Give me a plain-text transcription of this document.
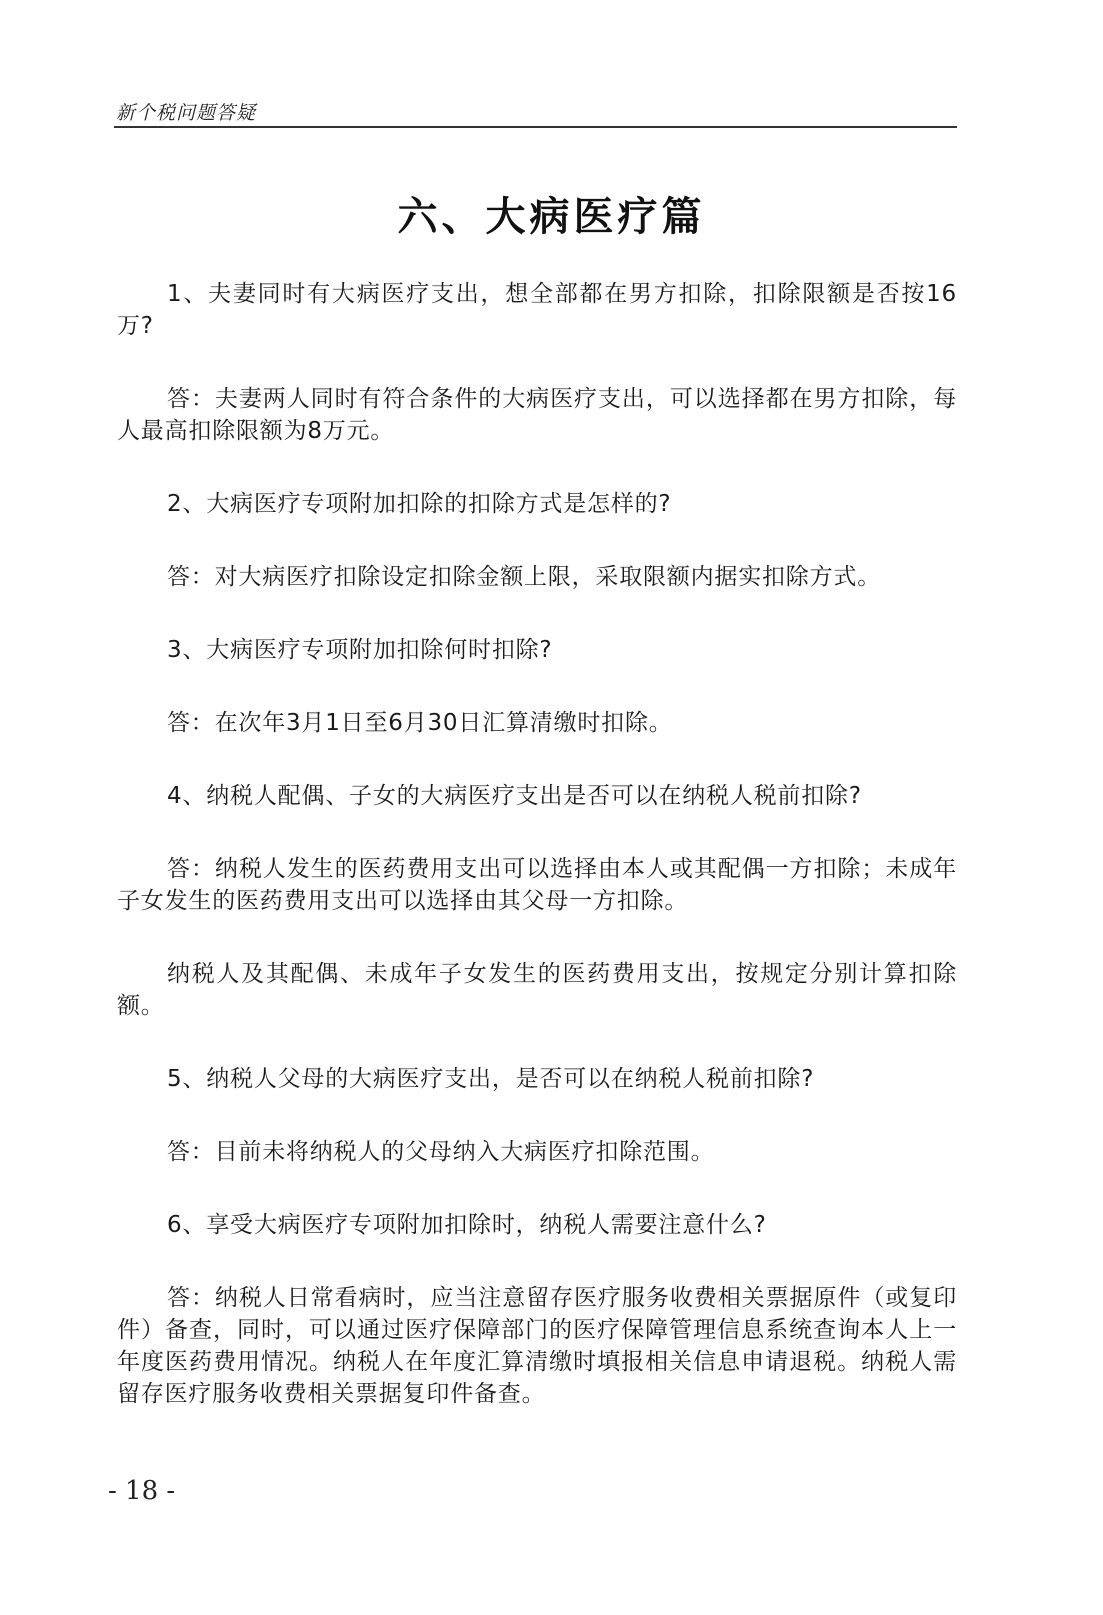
新个税问题答疑
六、大病医疗篇

1、夫妻同时有大病医疗支出，想全部都在男方扣除，扣除限额是否按16万?

答：夫妻两人同时有符合条件的大病医疗支出，可以选择都在男方扣除，每人最高扣除限额为8万元。

2、大病医疗专项附加扣除的扣除方式是怎样的?

答：对大病医疗扣除设定扣除金额上限，采取限额内据实扣除方式。

3、大病医疗专项附加扣除何时扣除?

答：在次年3月1日至6月30日汇算清缴时扣除。

4、纳税人配偶、子女的大病医疗支出是否可以在纳税人税前扣除?

答：纳税人发生的医药费用支出可以选择由本人或其配偶一方扣除；未成年子女发生的医药费用支出可以选择由其父母一方扣除。

纳税人及其配偶、未成年子女发生的医药费用支出，按规定分别计算扣除额。

5、纳税人父母的大病医疗支出，是否可以在纳税人税前扣除?

答：目前未将纳税人的父母纳入大病医疗扣除范围。

6、享受大病医疗专项附加扣除时，纳税人需要注意什么?

答：纳税人日常看病时，应当注意留存医疗服务收费相关票据原件（或复印件）备查，同时，可以通过医疗保障部门的医疗保障管理信息系统查询本人上一年度医药费用情况。纳税人在年度汇算清缴时填报相关信息申请退税。纳税人需留存医疗服务收费相关票据复印件备查。

- 18 -
